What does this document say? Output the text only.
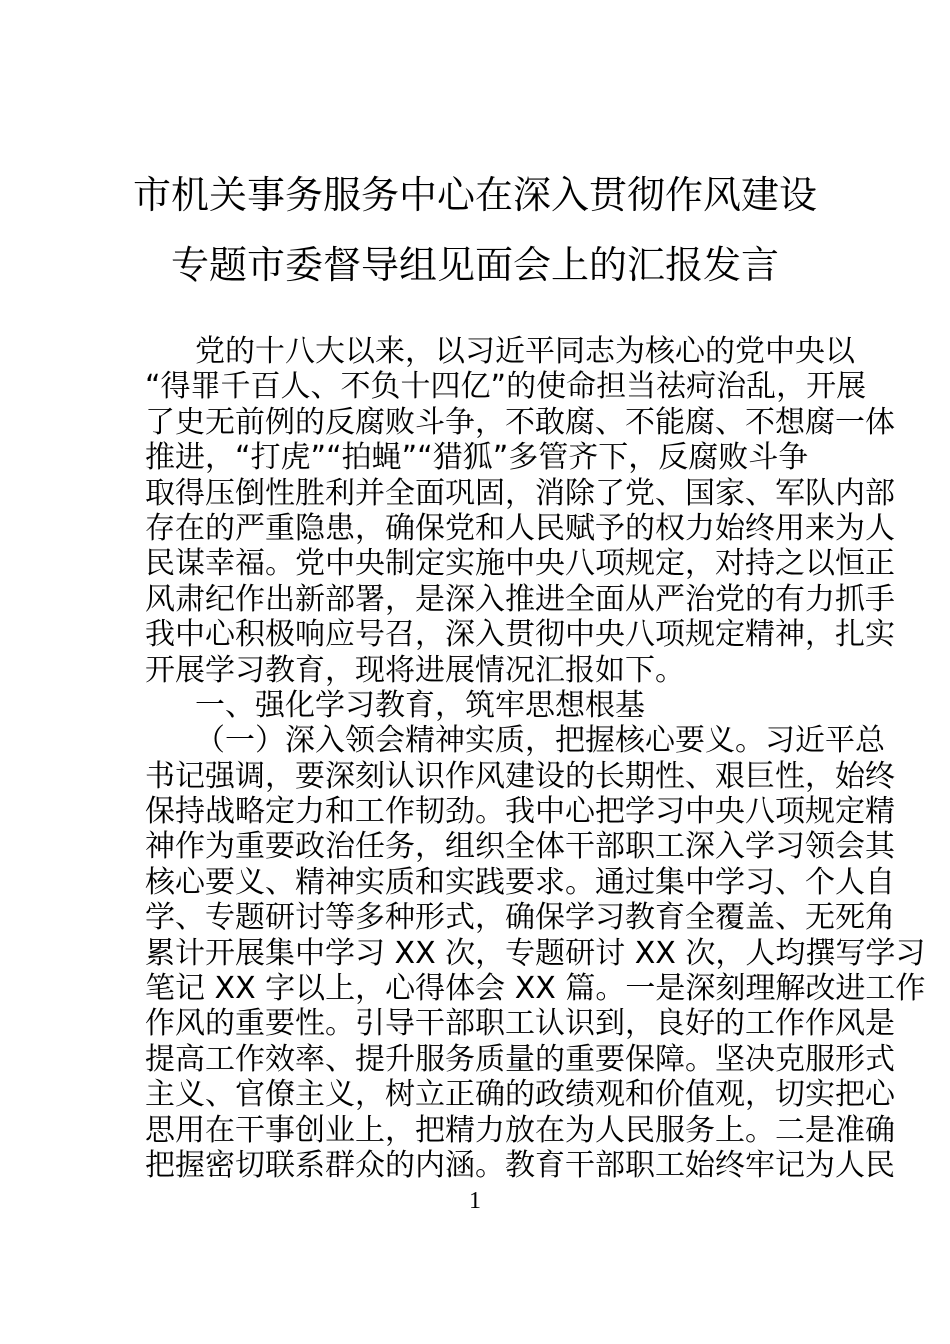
市机关事务服务中心在深入贯彻作风建设
专题市委督导组见面会上的汇报发言
党的十八大以来，以习近平同志为核心的党中央以
“得罪千百人、不负十四亿”的使命担当祛疴治乱，开展
了史无前例的反腐败斗争，不敢腐、不能腐、不想腐一体
推进，“打虎”“拍蝇”“猎狐”多管齐下，反腐败斗争
取得压倒性胜利并全面巩固，消除了党、国家、军队内部
存在的严重隐患，确保党和人民赋予的权力始终用来为人
民谋幸福。党中央制定实施中央八项规定，对持之以恒正
风肃纪作出新部署，是深入推进全面从严治党的有力抓手
我中心积极响应号召，深入贯彻中央八项规定精神，扎实
开展学习教育，现将进展情况汇报如下。
一、强化学习教育，筑牢思想根基
（一）深入领会精神实质，把握核心要义。习近平总
书记强调，要深刻认识作风建设的长期性、艰巨性，始终
保持战略定力和工作韧劲。我中心把学习中央八项规定精
神作为重要政治任务，组织全体干部职工深入学习领会其
核心要义、精神实质和实践要求。通过集中学习、个人自
学、专题研讨等多种形式，确保学习教育全覆盖、无死角
累计开展集中学习 XX 次，专题研讨 XX 次，人均撰写学习
笔记 XX 字以上，心得体会 XX 篇。一是深刻理解改进工作
作风的重要性。引导干部职工认识到，良好的工作作风是
提高工作效率、提升服务质量的重要保障。坚决克服形式
主义、官僚主义，树立正确的政绩观和价值观，切实把心
思用在干事创业上，把精力放在为人民服务上。二是准确
把握密切联系群众的内涵。教育干部职工始终牢记为人民
1
